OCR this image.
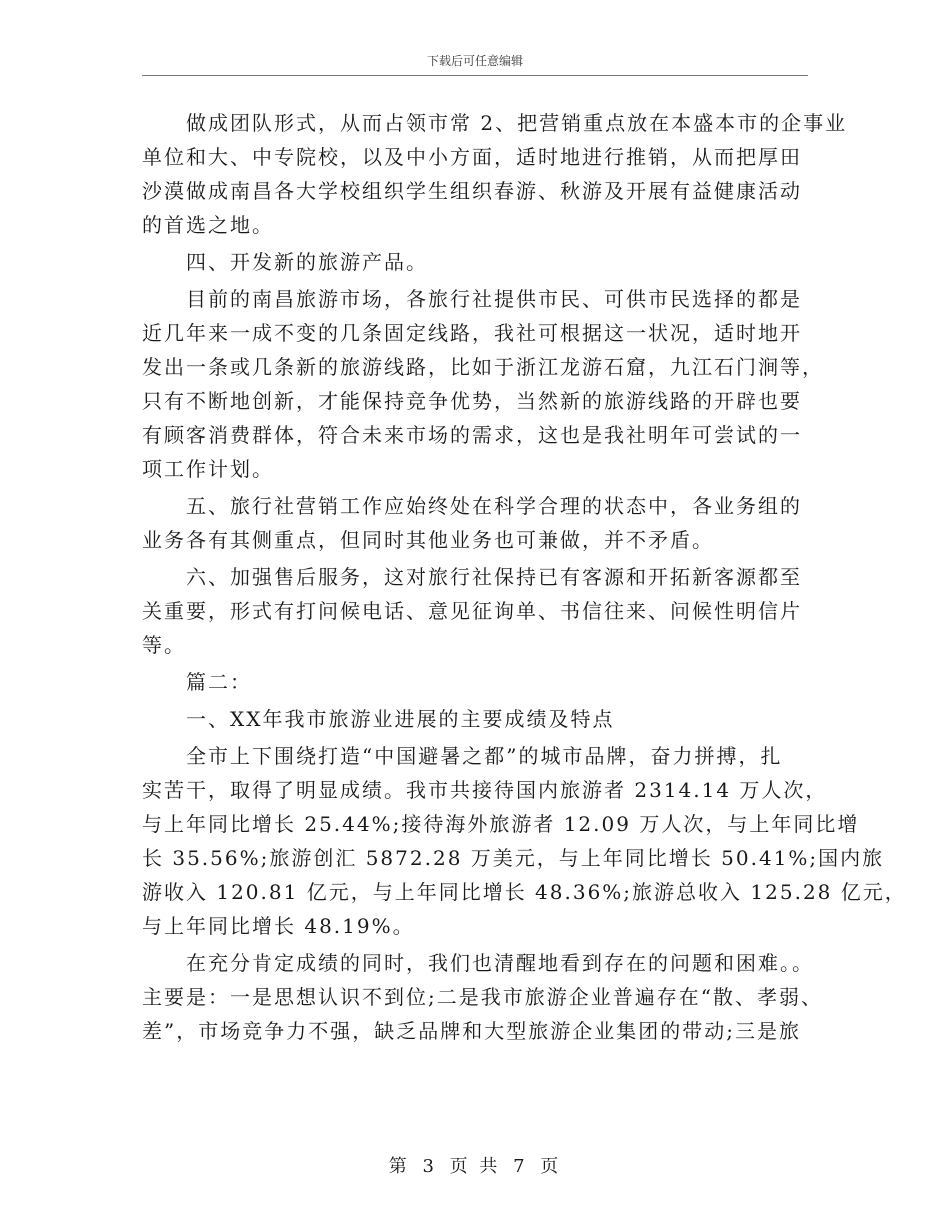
下载后可任意编辑

做成团队形式，从而占领市常 2、把营销重点放在本盛本市的企事业
单位和大、中专院校，以及中小方面，适时地进行推销，从而把厚田
沙漠做成南昌各大学校组织学生组织春游、秋游及开展有益健康活动
的首选之地。

四、开发新的旅游产品。

目前的南昌旅游市场，各旅行社提供市民、可供市民选择的都是
近几年来一成不变的几条固定线路，我社可根据这一状况，适时地开
发出一条或几条新的旅游线路，比如于浙江龙游石窟，九江石门涧等，
只有不断地创新，才能保持竞争优势，当然新的旅游线路的开辟也要
有顾客消费群体，符合未来市场的需求，这也是我社明年可尝试的一
项工作计划。

五、旅行社营销工作应始终处在科学合理的状态中，各业务组的
业务各有其侧重点，但同时其他业务也可兼做，并不矛盾。

六、加强售后服务，这对旅行社保持已有客源和开拓新客源都至
关重要，形式有打问候电话、意见征询单、书信往来、问候性明信片
等。

篇二：

一、XX年我市旅游业进展的主要成绩及特点

全市上下围绕打造“中国避暑之都”的城市品牌，奋力拼搏，扎
实苦干，取得了明显成绩。我市共接待国内旅游者 2314.14 万人次，
与上年同比增长 25.44%;接待海外旅游者 12.09 万人次，与上年同比增
长 35.56%;旅游创汇 5872.28 万美元，与上年同比增长 50.41%;国内旅
游收入 120.81 亿元，与上年同比增长 48.36%;旅游总收入 125.28 亿元，
与上年同比增长 48.19%。

在充分肯定成绩的同时，我们也清醒地看到存在的问题和困难。。
主要是：一是思想认识不到位;二是我市旅游企业普遍存在“散、孝弱、
差”，市场竞争力不强，缺乏品牌和大型旅游企业集团的带动;三是旅

第 3 页 共 7 页
